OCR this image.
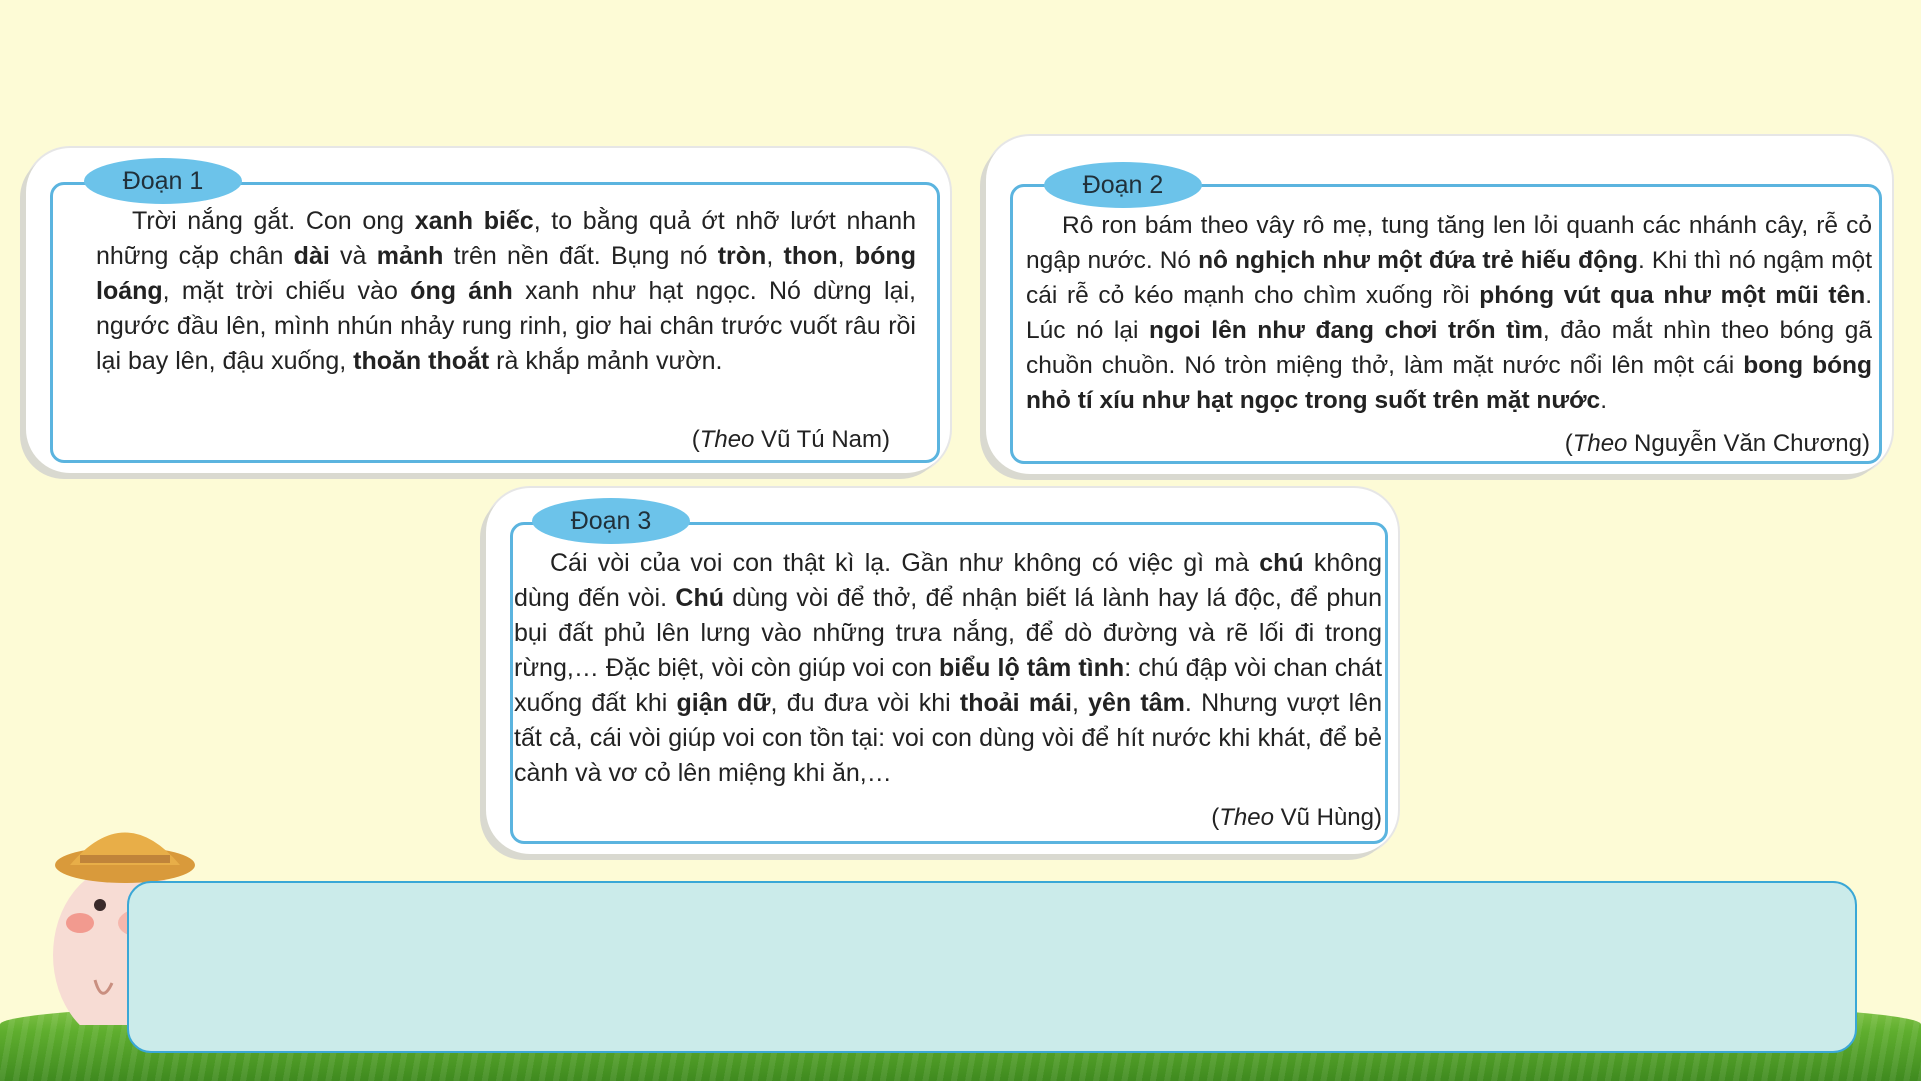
Đoạn 1

Trời nắng gắt. Con ong xanh biếc, to bằng quả ớt nhỡ lướt nhanh những cặp chân dài và mảnh trên nền đất. Bụng nó tròn, thon, bóng loáng, mặt trời chiếu vào óng ánh xanh như hạt ngọc. Nó dừng lại, ngước đầu lên, mình nhún nhảy rung rinh, giơ hai chân trước vuốt râu rồi lại bay lên, đậu xuống, thoăn thoắt rà khắp mảnh vườn.

(Theo Vũ Tú Nam)
Đoạn 2

Rô ron bám theo vây rô mẹ, tung tăng len lỏi quanh các nhánh cây, rễ cỏ ngập nước. Nó nô nghịch như một đứa trẻ hiếu động. Khi thì nó ngậm một cái rễ cỏ kéo mạnh cho chìm xuống rồi phóng vút qua như một mũi tên. Lúc nó lại ngoi lên như đang chơi trốn tìm, đảo mắt nhìn theo bóng gã chuồn chuồn. Nó tròn miệng thở, làm mặt nước nổi lên một cái bong bóng nhỏ tí xíu như hạt ngọc trong suốt trên mặt nước.

(Theo Nguyễn Văn Chương)
Đoạn 3

Cái vòi của voi con thật kì lạ. Gần như không có việc gì mà chú không dùng đến vòi. Chú dùng vòi để thở, để nhận biết lá lành hay lá độc, để phun bụi đất phủ lên lưng vào những trưa nắng, để dò đường và rẽ lối đi trong rừng,… Đặc biệt, vòi còn giúp voi con biểu lộ tâm tình: chú đập vòi chan chát xuống đất khi giận dữ, đu đưa vòi khi thoải mái, yên tâm. Nhưng vượt lên tất cả, cái vòi giúp voi con tồn tại: voi con dùng vòi để hít nước khi khát, để bẻ cành và vơ cỏ lên miệng khi ăn,…

(Theo Vũ Hùng)
